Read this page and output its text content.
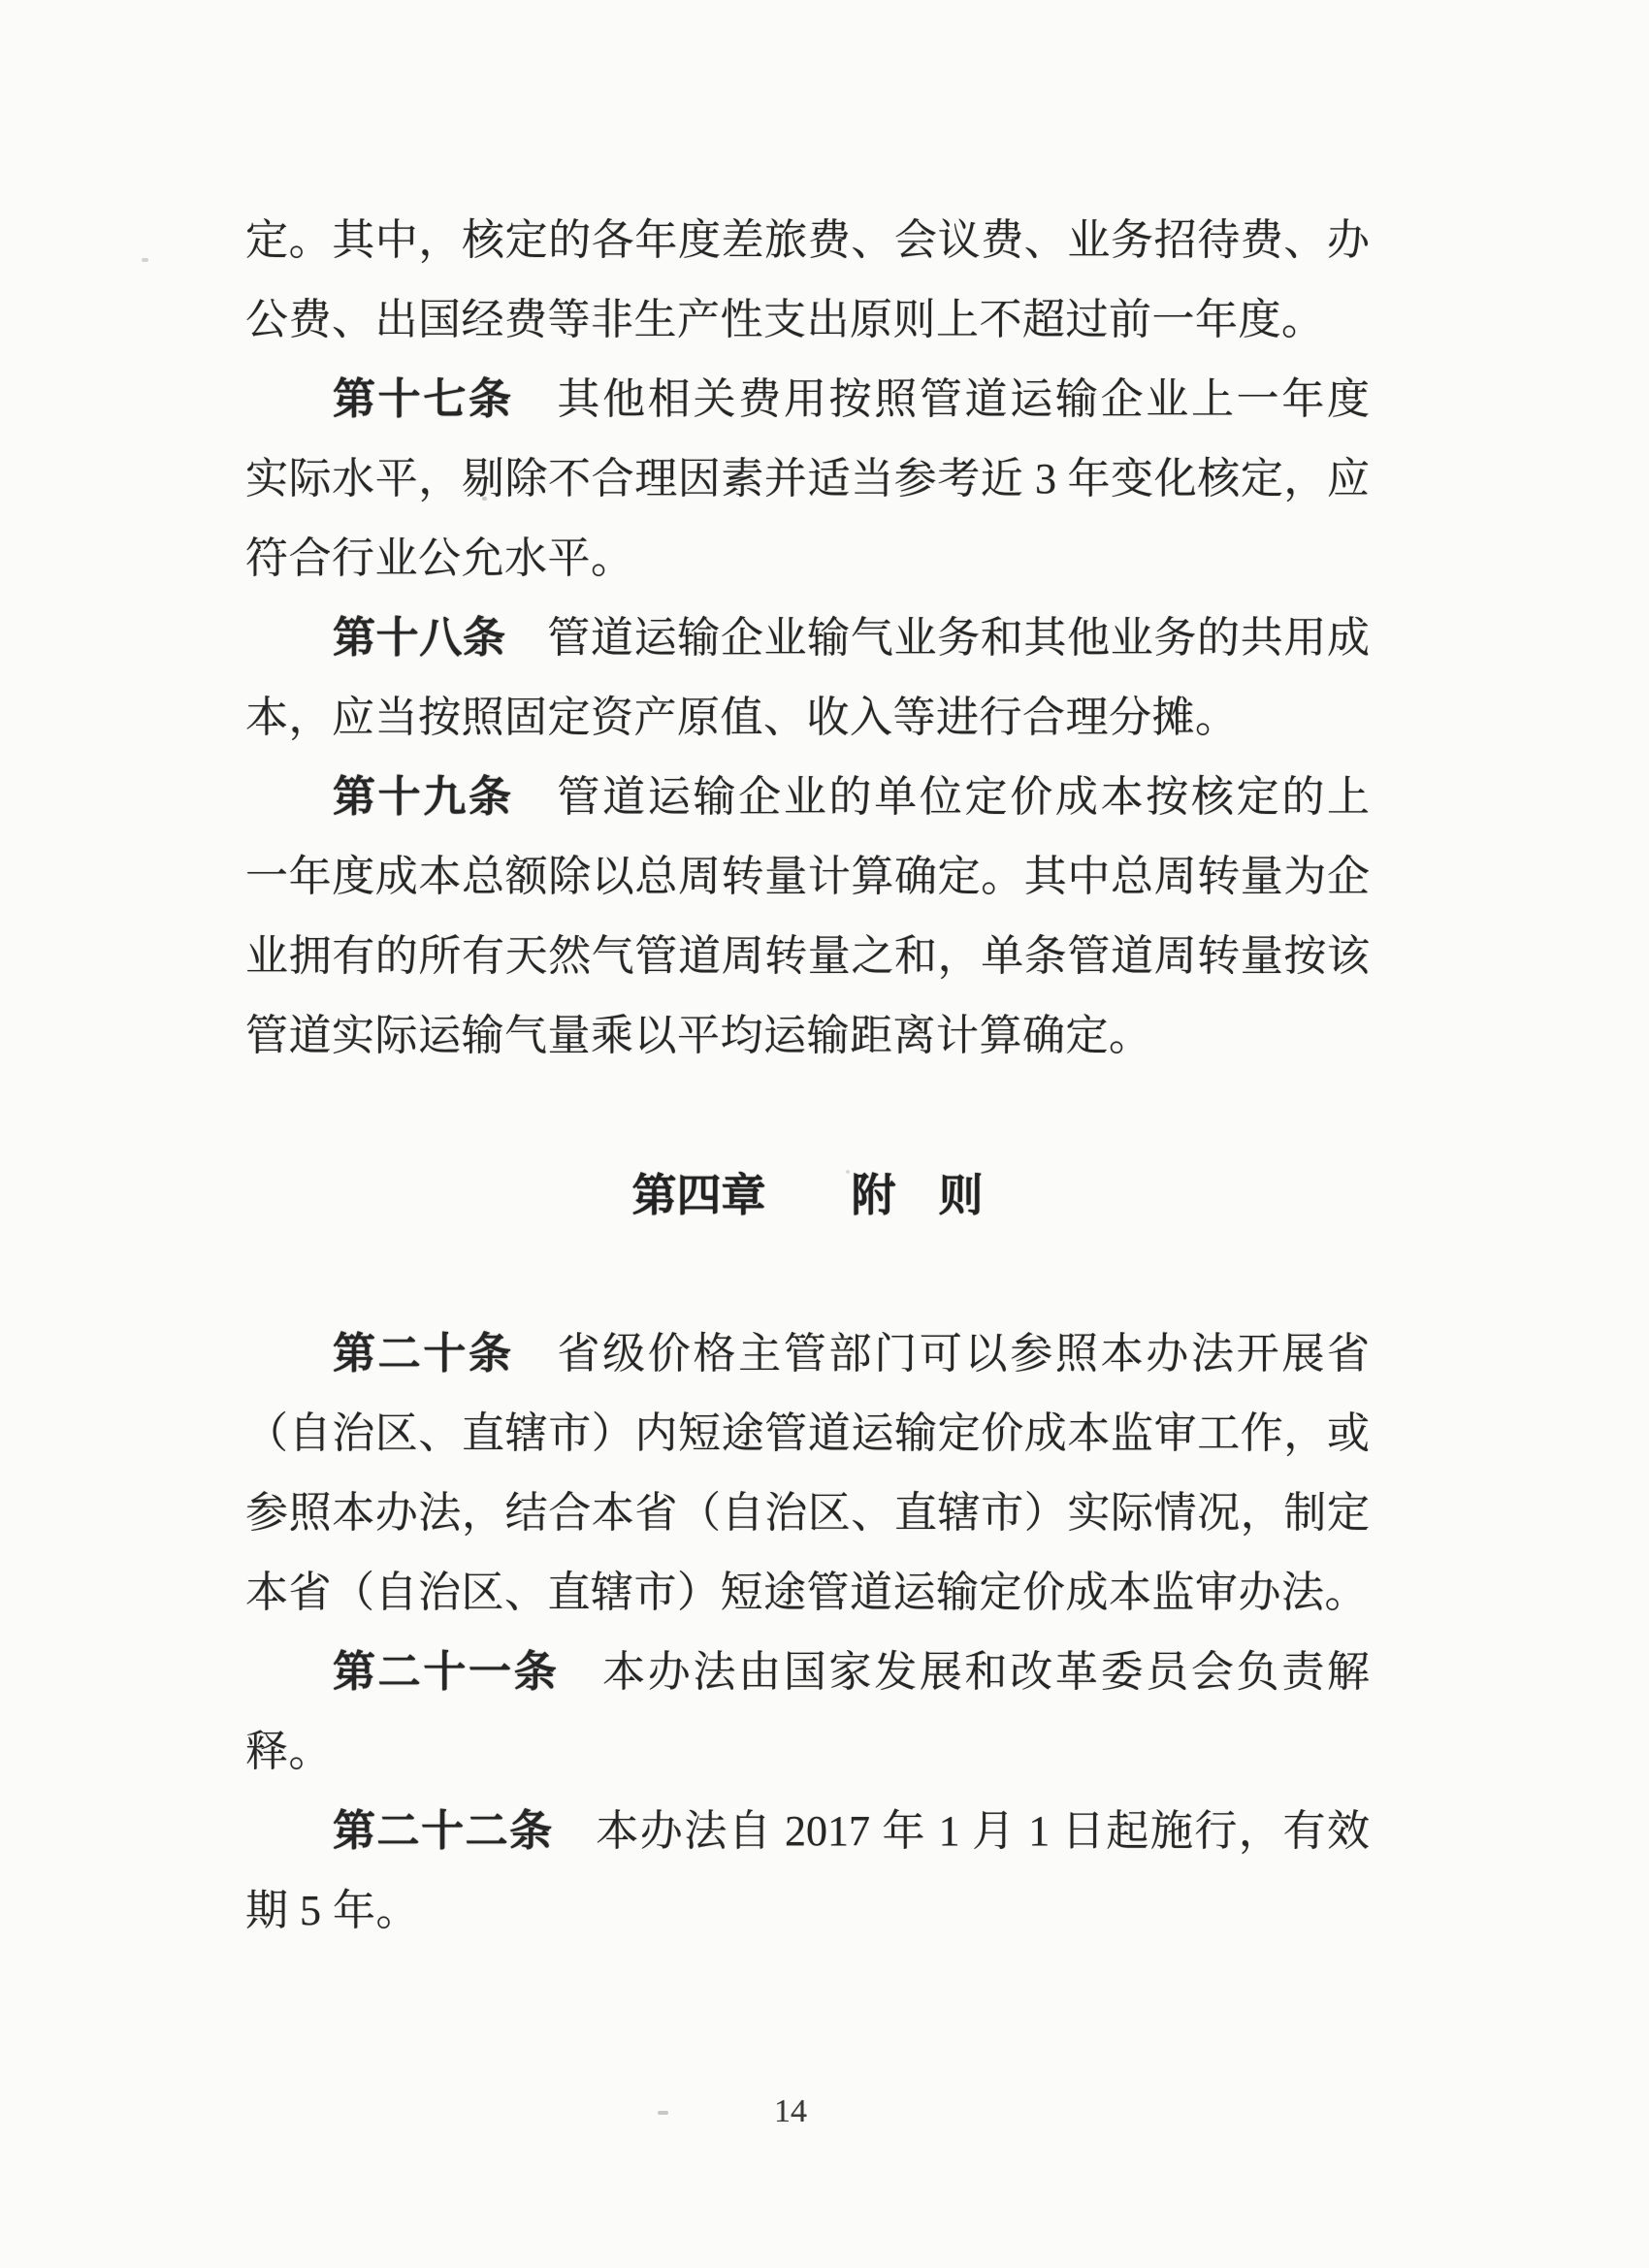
定。其中，核定的各年度差旅费、会议费、业务招待费、办
公费、出国经费等非生产性支出原则上不超过前一年度。
第十七条 其他相关费用按照管道运输企业上一年度
实际水平，剔除不合理因素并适当参考近 3 年变化核定，应
符合行业公允水平。
第十八条 管道运输企业输气业务和其他业务的共用成
本，应当按照固定资产原值、收入等进行合理分摊。
第十九条 管道运输企业的单位定价成本按核定的上
一年度成本总额除以总周转量计算确定。其中总周转量为企
业拥有的所有天然气管道周转量之和，单条管道周转量按该
管道实际运输气量乘以平均运输距离计算确定。
第四章 附 则
第二十条 省级价格主管部门可以参照本办法开展省
（自治区、直辖市）内短途管道运输定价成本监审工作，或
参照本办法，结合本省（自治区、直辖市）实际情况，制定
本省（自治区、直辖市）短途管道运输定价成本监审办法。
第二十一条 本办法由国家发展和改革委员会负责解
释。
第二十二条 本办法自 2017 年 1 月 1 日起施行，有效
期 5 年。
14
